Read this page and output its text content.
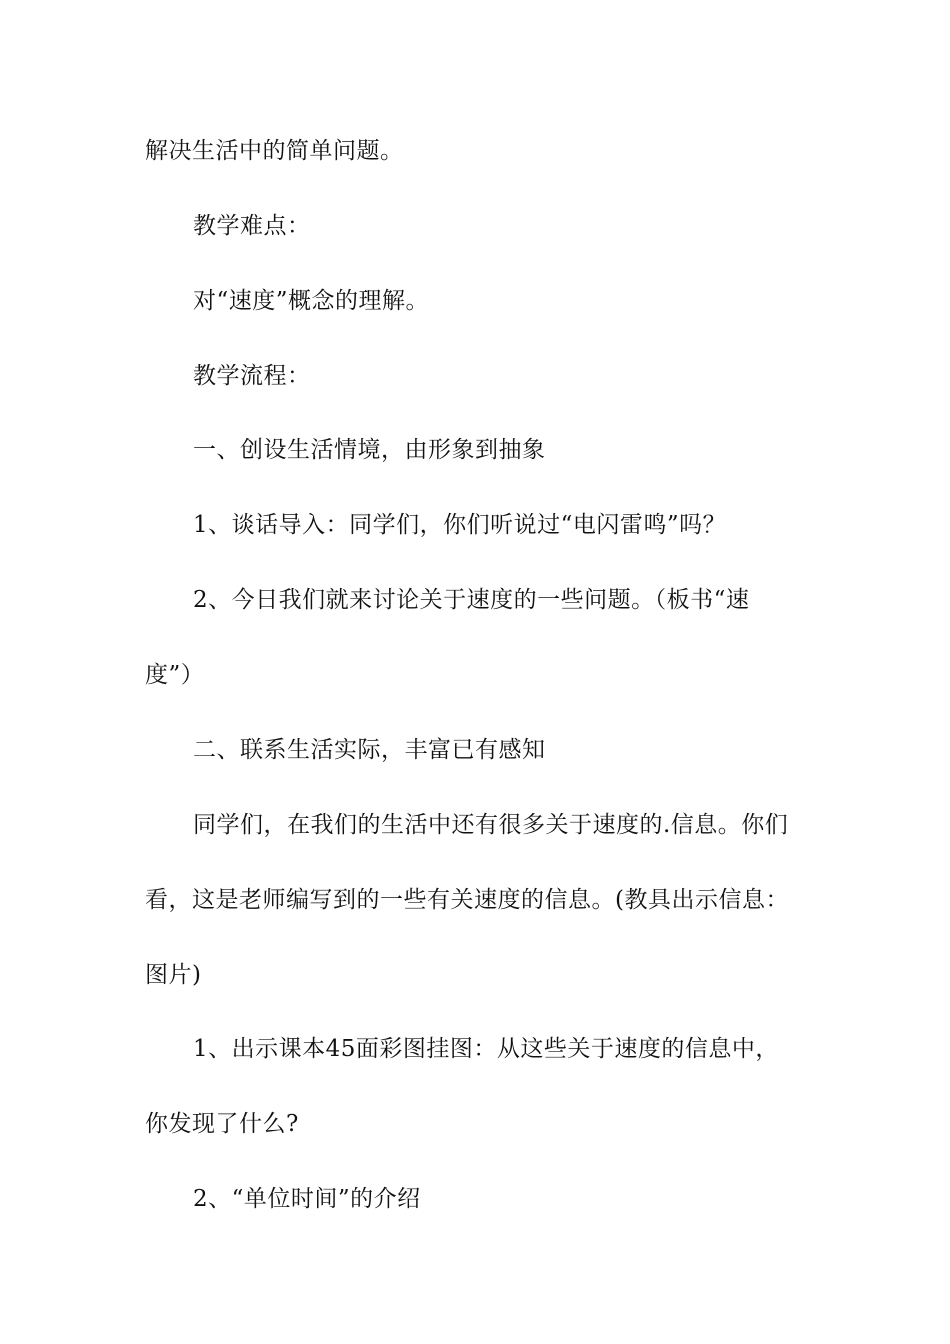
解决生活中的简单问题。
教学难点：
对“速度”概念的理解。
教学流程：
一、创设生活情境，由形象到抽象
1、谈话导入：同学们，你们听说过“电闪雷鸣”吗？
2、今日我们就来讨论关于速度的一些问题。（板书“速
度”）
二、联系生活实际，丰富已有感知
同学们，在我们的生活中还有很多关于速度的.信息。你们
看，这是老师编写到的一些有关速度的信息。(教具出示信息：
图片)
1、出示课本45面彩图挂图：从这些关于速度的信息中，
你发现了什么?
2、“单位时间”的介绍
